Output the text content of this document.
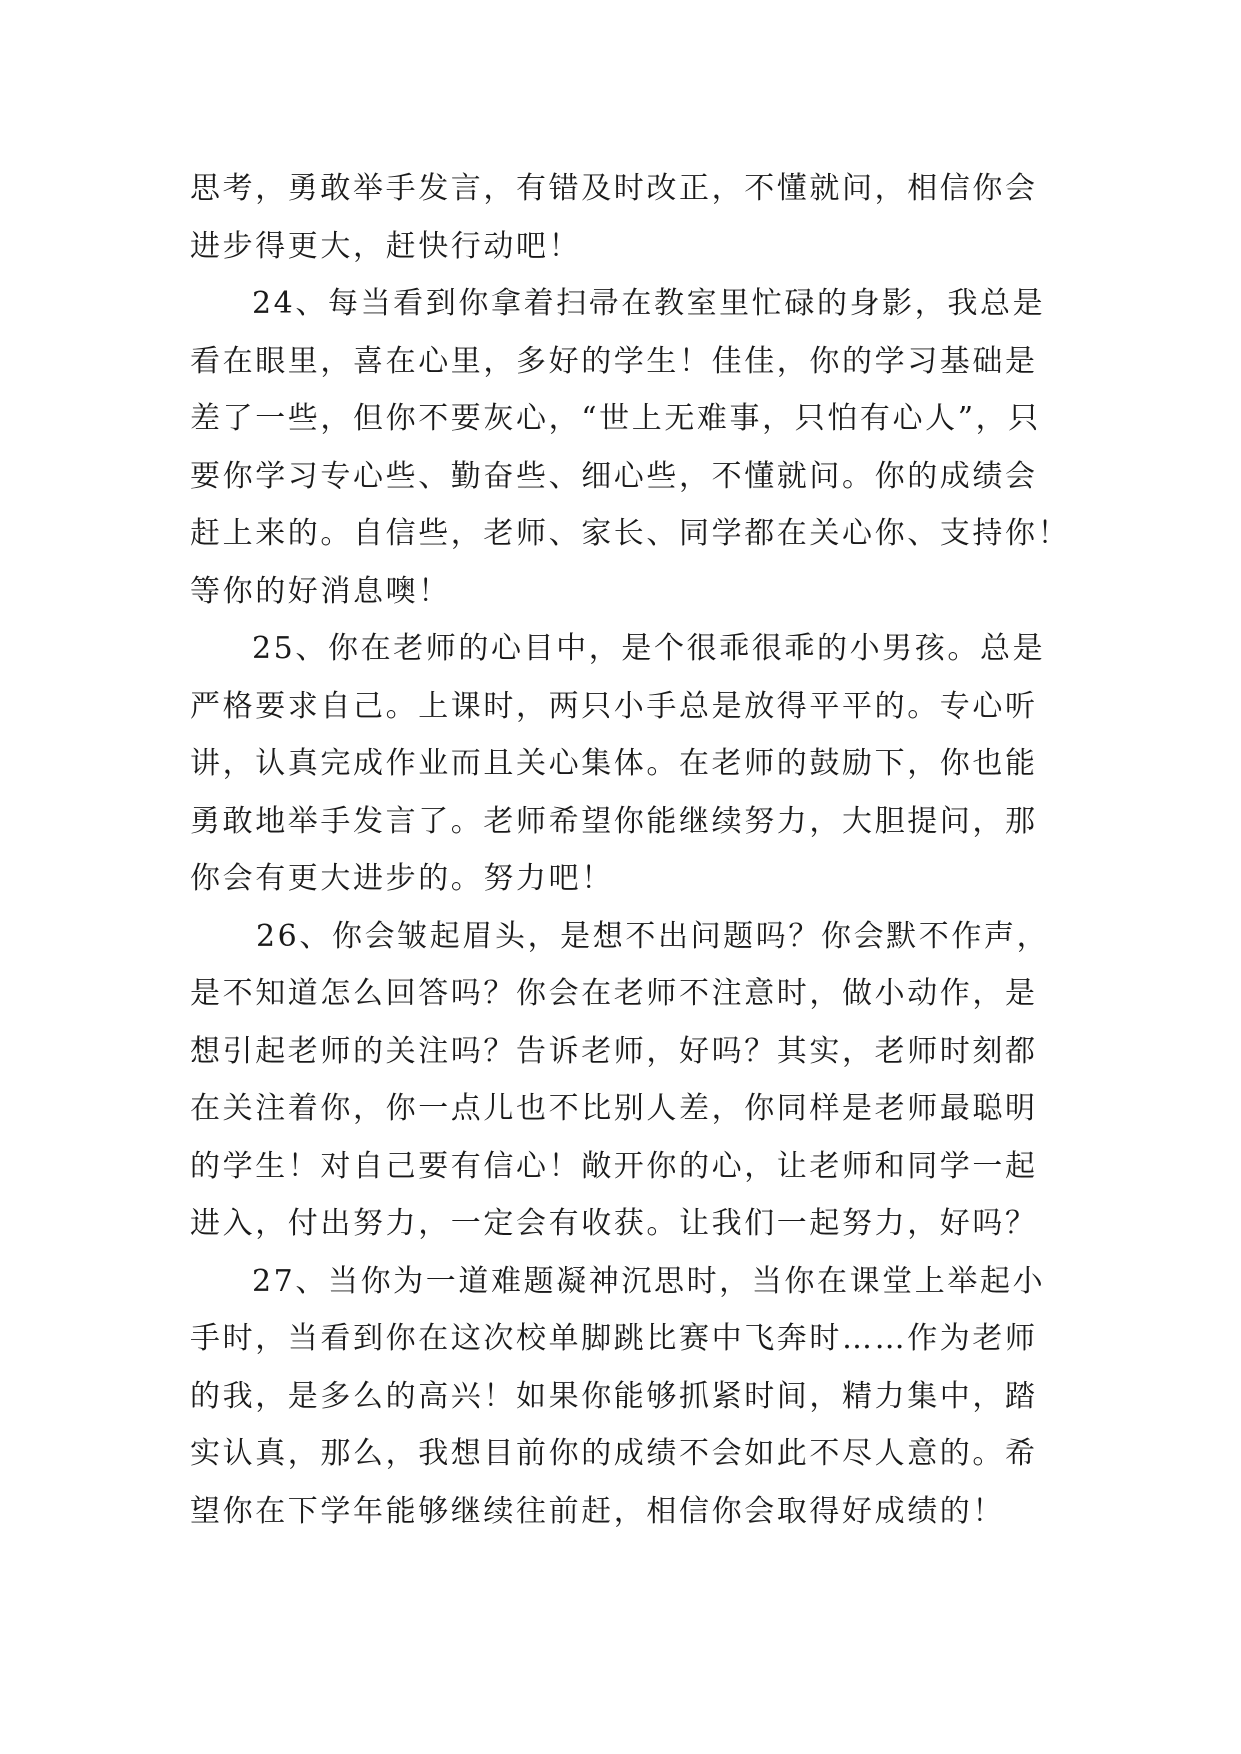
思考，勇敢举手发言，有错及时改正，不懂就问，相信你会
进步得更大，赶快行动吧！

24、每当看到你拿着扫帚在教室里忙碌的身影，我总是
看在眼里，喜在心里，多好的学生！佳佳，你的学习基础是
差了一些，但你不要灰心，“世上无难事，只怕有心人”，只
要你学习专心些、勤奋些、细心些，不懂就问。你的成绩会
赶上来的。自信些，老师、家长、同学都在关心你、支持你！
等你的好消息噢！

25、你在老师的心目中，是个很乖很乖的小男孩。总是
严格要求自己。上课时，两只小手总是放得平平的。专心听
讲，认真完成作业而且关心集体。在老师的鼓励下，你也能
勇敢地举手发言了。老师希望你能继续努力，大胆提问，那
你会有更大进步的。努力吧！

26、你会皱起眉头，是想不出问题吗？你会默不作声，
是不知道怎么回答吗？你会在老师不注意时，做小动作，是
想引起老师的关注吗？告诉老师，好吗？其实，老师时刻都
在关注着你，你一点儿也不比别人差，你同样是老师最聪明
的学生！对自己要有信心！敞开你的心，让老师和同学一起
进入，付出努力，一定会有收获。让我们一起努力，好吗？

27、当你为一道难题凝神沉思时，当你在课堂上举起小
手时，当看到你在这次校单脚跳比赛中飞奔时……作为老师
的我，是多么的高兴！如果你能够抓紧时间，精力集中，踏
实认真，那么，我想目前你的成绩不会如此不尽人意的。希
望你在下学年能够继续往前赶，相信你会取得好成绩的！
